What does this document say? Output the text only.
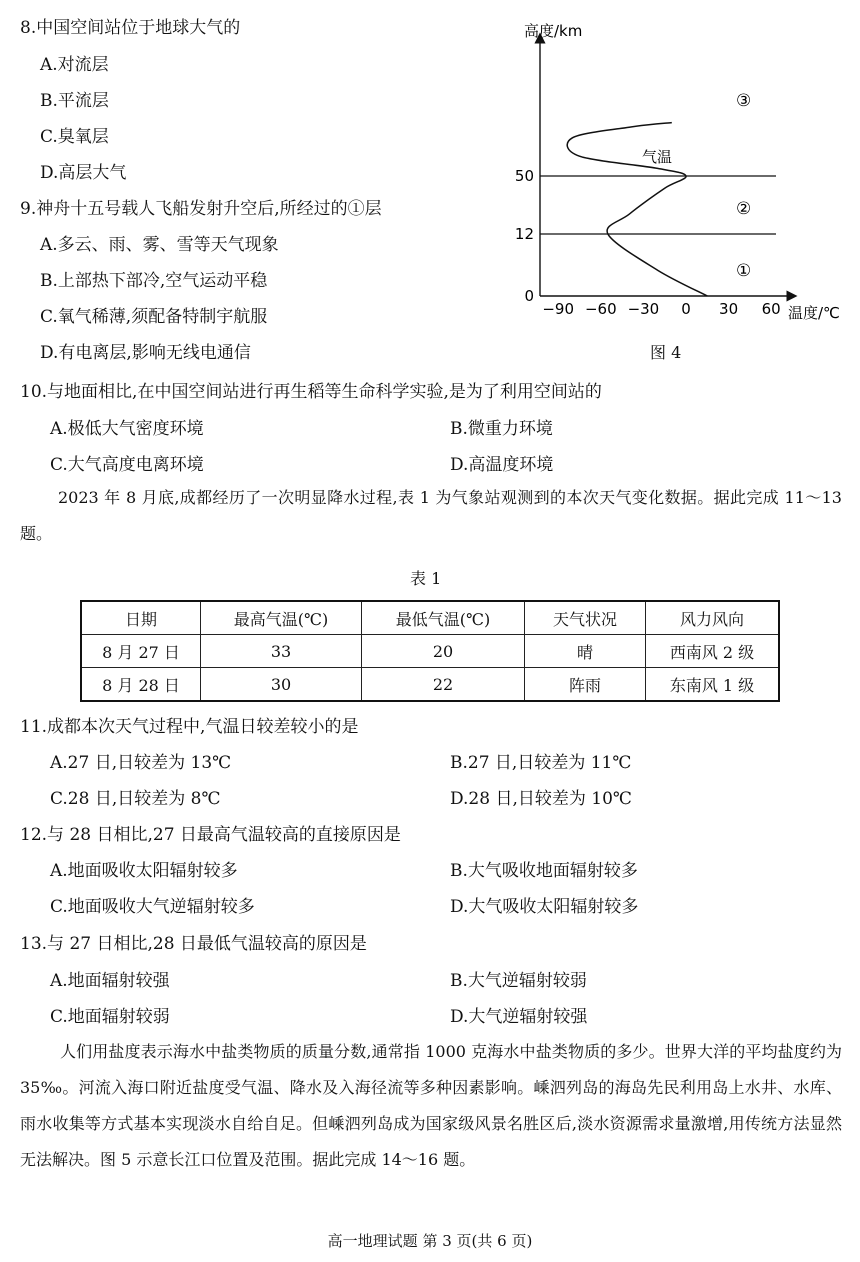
8.中国空间站位于地球大气的
A.对流层
B.平流层
C.臭氧层
D.高层大气
9.神舟十五号载人飞船发射升空后,所经过的①层
A.多云、雨、雾、雪等天气现象
B.上部热下部冷,空气运动平稳
C.氧气稀薄,须配备特制宇航服
D.有电离层,影响无线电通信
−90 −60 −30 0 30 60
0
12
50
高度/km
温度/℃
气温
①
②
③
图 4
10.与地面相比,在中国空间站进行再生稻等生命科学实验,是为了利用空间站的
A.极低大气密度环境	B.微重力环境
C.大气高度电离环境	D.高温度环境
2023 年 8 月底,成都经历了一次明显降水过程,表 1 为气象站观测到的本次天气变化数据。据此完成 11～13 题。
表 1
日期	最高气温(℃)	最低气温(℃)	天气状况	风力风向
8 月 27 日	33	20	晴	西南风 2 级
8 月 28 日	30	22	阵雨	东南风 1 级
11.成都本次天气过程中,气温日较差较小的是
A.27 日,日较差为 13℃	B.27 日,日较差为 11℃
C.28 日,日较差为 8℃	D.28 日,日较差为 10℃
12.与 28 日相比,27 日最高气温较高的直接原因是
A.地面吸收太阳辐射较多	B.大气吸收地面辐射较多
C.地面吸收大气逆辐射较多	D.大气吸收太阳辐射较多
13.与 27 日相比,28 日最低气温较高的原因是
A.地面辐射较强	B.大气逆辐射较弱
C.地面辐射较弱	D.大气逆辐射较强
人们用盐度表示海水中盐类物质的质量分数,通常指 1000 克海水中盐类物质的多少。世界大洋的平均盐度约为 35‰。河流入海口附近盐度受气温、降水及入海径流等多种因素影响。嵊泗列岛的海岛先民利用岛上水井、水库、雨水收集等方式基本实现淡水自给自足。但嵊泗列岛成为国家级风景名胜区后,淡水资源需求量激增,用传统方法显然无法解决。图 5 示意长江口位置及范围。据此完成 14～16 题。
高一地理试题 第 3 页(共 6 页)
